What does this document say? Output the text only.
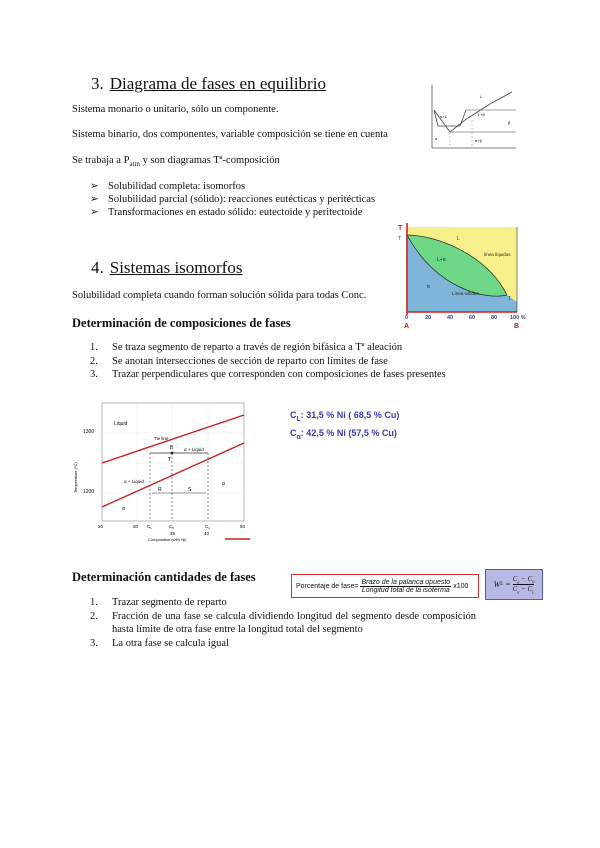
3. Diagrama de fases en equilibrio
Sistema monario o unitario, sólo un componente.
Sistema binario, dos componentes, variable composición se tiene en cuenta
Se trabaja a $P_{atm}$ y son diagramas Tª-composición
➢ Solubilidad completa: isomorfos
➢ Solubilidad parcial (sólido): reacciones eutécticas y peritécticas
➢ Transformaciones en estado sólido: eutectoide y peritectoide
L
α+L	L+β
α
β
α+β
4. Sistemas isomorfos
Solubilidad completa cuando forman solución sólida para todas Conc.
T
T
T
L
línea líquidus
L+α
α
Línea sólidus
0	20	40	60	80 100 %
A	B
Determinación de composiciones de fases
1. Se traza segmento de reparto a través de región bifásica a Tª aleación
2. Se anotan intersecciones de sección de reparto con límites de fase
3. Trazar perpendiculares que corresponden con composiciones de fases presentes
Liquid
Tie line
α + Liquid
α + Liquid	α
α
B
T
R	S
1300
1200
Temperature (°C)
$C_L$	$C_0$	$C_\alpha$
20	30
35	40
50
Composition (wt% Ni)
$C_L$: 31,5 % Ni ( 68,5 % Cu)
$C_\alpha$: 42,5 % Ni (57,5 % Cu)
Determinación cantidades de fases
Porcentaje de fase=
Brazo de la palanca opuesto
Longitud total de la isoterma
x100	W $L = \frac{C_\alpha - C_0}{C_\alpha - C_L}$
1. Trazar segmento de reparto
2.	Fracción de una fase se calcula dividiendo longitud del segmento desde composición hasta límite de otra fase entre la longitud total del segmento
3. La otra fase se calcula igual
